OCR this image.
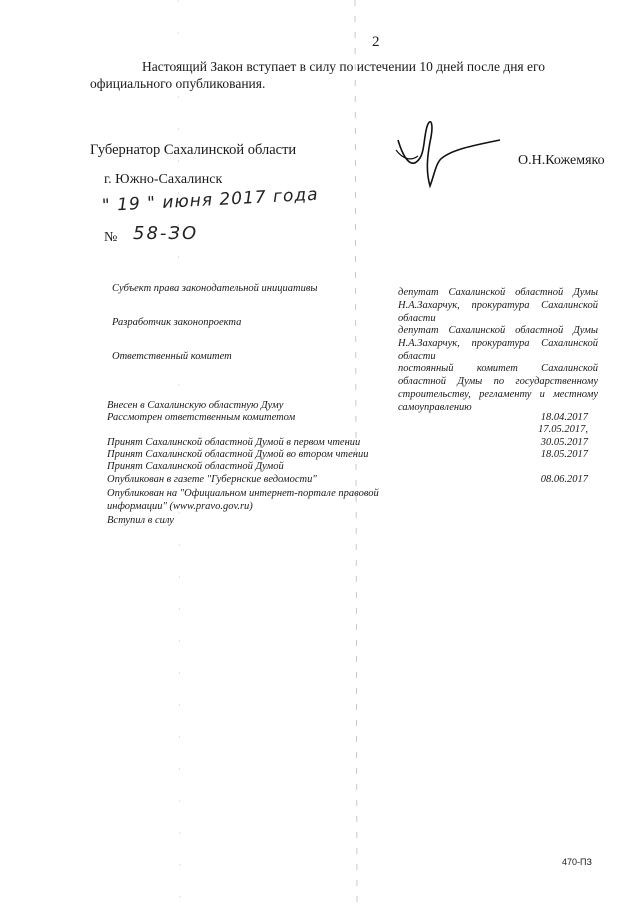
2
Настоящий Закон вступает в силу по истечении 10 дней после дня его официального опубликования.
Губернатор Сахалинской области
О.Н.Кожемяко
г. Южно-Сахалинск
" 19 " июня 2017 года
№ 58-ЗО
Субъект права законодательной инициативы	депутат Сахалинской областной Думы Н.А.Захарчук, прокуратура Сахалинской области
Разработчик законопроекта
депутат Сахалинской областной Думы Н.А.Захарчук, прокуратура Сахалинской области
Ответственный комитет
постоянный комитет Сахалинской областной Думы по государственному строительству, регламенту и местному самоуправлению
Внесен в Сахалинскую областную Думу
Рассмотрен ответственным комитетом
Принят Сахалинской областной Думой в первом чтении
Принят Сахалинской областной Думой во втором чтении
Принят Сахалинской областной Думой
Опубликован в газете "Губернские ведомости"
Опубликован на "Официальном интернет-портале правовой информации" (www.pravo.gov.ru)
Вступил в силу
18.04.2017
17.05.2017,
30.05.2017
18.05.2017
08.06.2017
470-ПЗ
